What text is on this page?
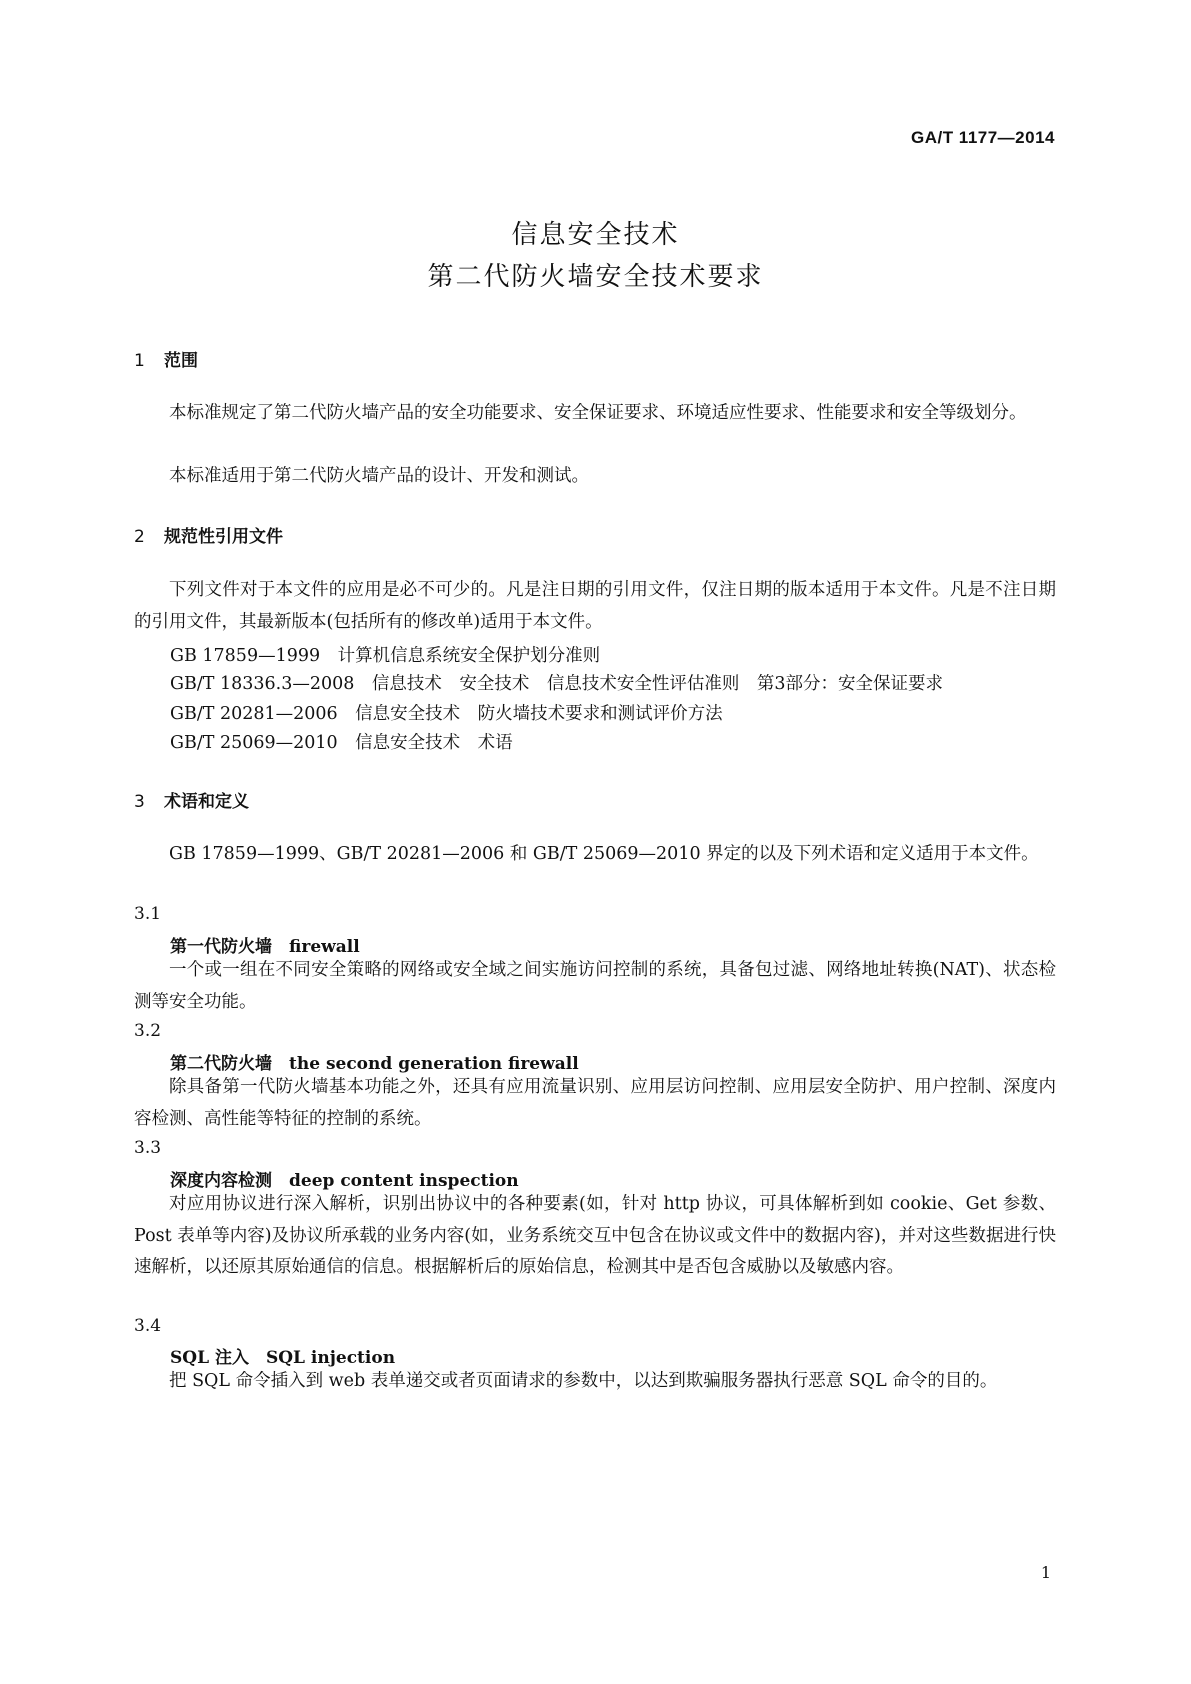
GA/T 1177—2014
信息安全技术
第二代防火墙安全技术要求
1 范围

本标准规定了第二代防火墙产品的安全功能要求、安全保证要求、环境适应性要求、性能要求和安全等级划分。

本标准适用于第二代防火墙产品的设计、开发和测试。

2 规范性引用文件

下列文件对于本文件的应用是必不可少的。凡是注日期的引用文件，仅注日期的版本适用于本文件。凡是不注日期的引用文件，其最新版本(包括所有的修改单)适用于本文件。

GB 17859—1999　计算机信息系统安全保护划分准则
GB/T 18336.3—2008　信息技术　安全技术　信息技术安全性评估准则　第3部分：安全保证要求
GB/T 20281—2006　信息安全技术　防火墙技术要求和测试评价方法
GB/T 25069—2010　信息安全技术　术语
3 术语和定义

GB 17859—1999、GB/T 20281—2006 和 GB/T 25069—2010 界定的以及下列术语和定义适用于本文件。

3.1
第一代防火墙　firewall

一个或一组在不同安全策略的网络或安全域之间实施访问控制的系统，具备包过滤、网络地址转换(NAT)、状态检测等安全功能。

3.2
第二代防火墙　the second generation firewall

除具备第一代防火墙基本功能之外，还具有应用流量识别、应用层访问控制、应用层安全防护、用户控制、深度内容检测、高性能等特征的控制的系统。

3.3
深度内容检测　deep content inspection

对应用协议进行深入解析，识别出协议中的各种要素(如，针对 http 协议，可具体解析到如 cookie、Get 参数、Post 表单等内容)及协议所承载的业务内容(如，业务系统交互中包含在协议或文件中的数据内容)，并对这些数据进行快速解析，以还原其原始通信的信息。根据解析后的原始信息，检测其中是否包含威胁以及敏感内容。

3.4
SQL 注入　SQL injection

把 SQL 命令插入到 web 表单递交或者页面请求的参数中，以达到欺骗服务器执行恶意 SQL 命令的目的。

1
